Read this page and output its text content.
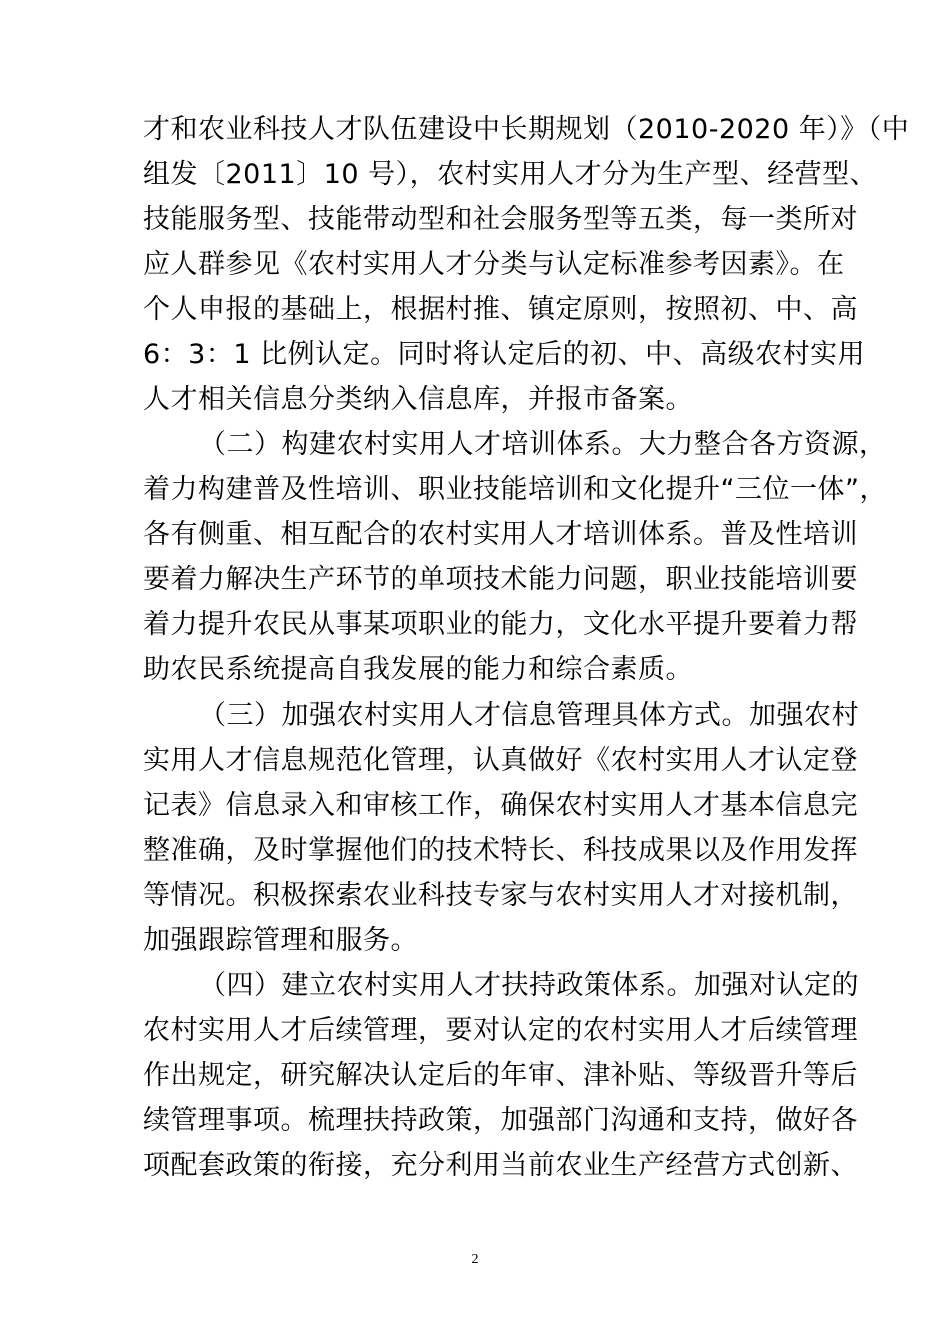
才和农业科技人才队伍建设中长期规划（2010-2020 年）》（中
组发〔2011〕10 号），农村实用人才分为生产型、经营型、
技能服务型、技能带动型和社会服务型等五类，每一类所对
应人群参见《农村实用人才分类与认定标准参考因素》。在
个人申报的基础上，根据村推、镇定原则，按照初、中、高
6：3：1 比例认定。同时将认定后的初、中、高级农村实用
人才相关信息分类纳入信息库，并报市备案。
（二）构建农村实用人才培训体系。大力整合各方资源，
着力构建普及性培训、职业技能培训和文化提升“三位一体”，
各有侧重、相互配合的农村实用人才培训体系。普及性培训
要着力解决生产环节的单项技术能力问题，职业技能培训要
着力提升农民从事某项职业的能力，文化水平提升要着力帮
助农民系统提高自我发展的能力和综合素质。
（三）加强农村实用人才信息管理具体方式。加强农村
实用人才信息规范化管理，认真做好《农村实用人才认定登
记表》信息录入和审核工作，确保农村实用人才基本信息完
整准确，及时掌握他们的技术特长、科技成果以及作用发挥
等情况。积极探索农业科技专家与农村实用人才对接机制，
加强跟踪管理和服务。
（四）建立农村实用人才扶持政策体系。加强对认定的
农村实用人才后续管理，要对认定的农村实用人才后续管理
作出规定，研究解决认定后的年审、津补贴、等级晋升等后
续管理事项。梳理扶持政策，加强部门沟通和支持，做好各
项配套政策的衔接，充分利用当前农业生产经营方式创新、
2
